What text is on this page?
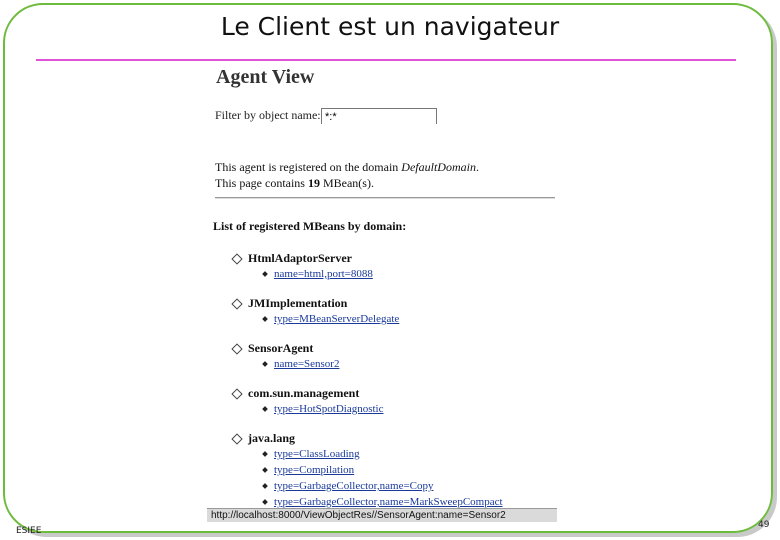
Le Client est un navigateur
Agent View
Filter by object name:
*:*
This agent is registered on the domain DefaultDomain.
This page contains 19 MBean(s).
List of registered MBeans by domain:
HtmlAdaptorServer
name=html,port=8088
JMImplementation
type=MBeanServerDelegate
SensorAgent
name=Sensor2
com.sun.management
type=HotSpotDiagnostic
java.lang
type=ClassLoading
type=Compilation
type=GarbageCollector,name=Copy
type=GarbageCollector,name=MarkSweepCompact
http://localhost:8000/ViewObjectRes//SensorAgent:name=Sensor2
ESIEE
49
